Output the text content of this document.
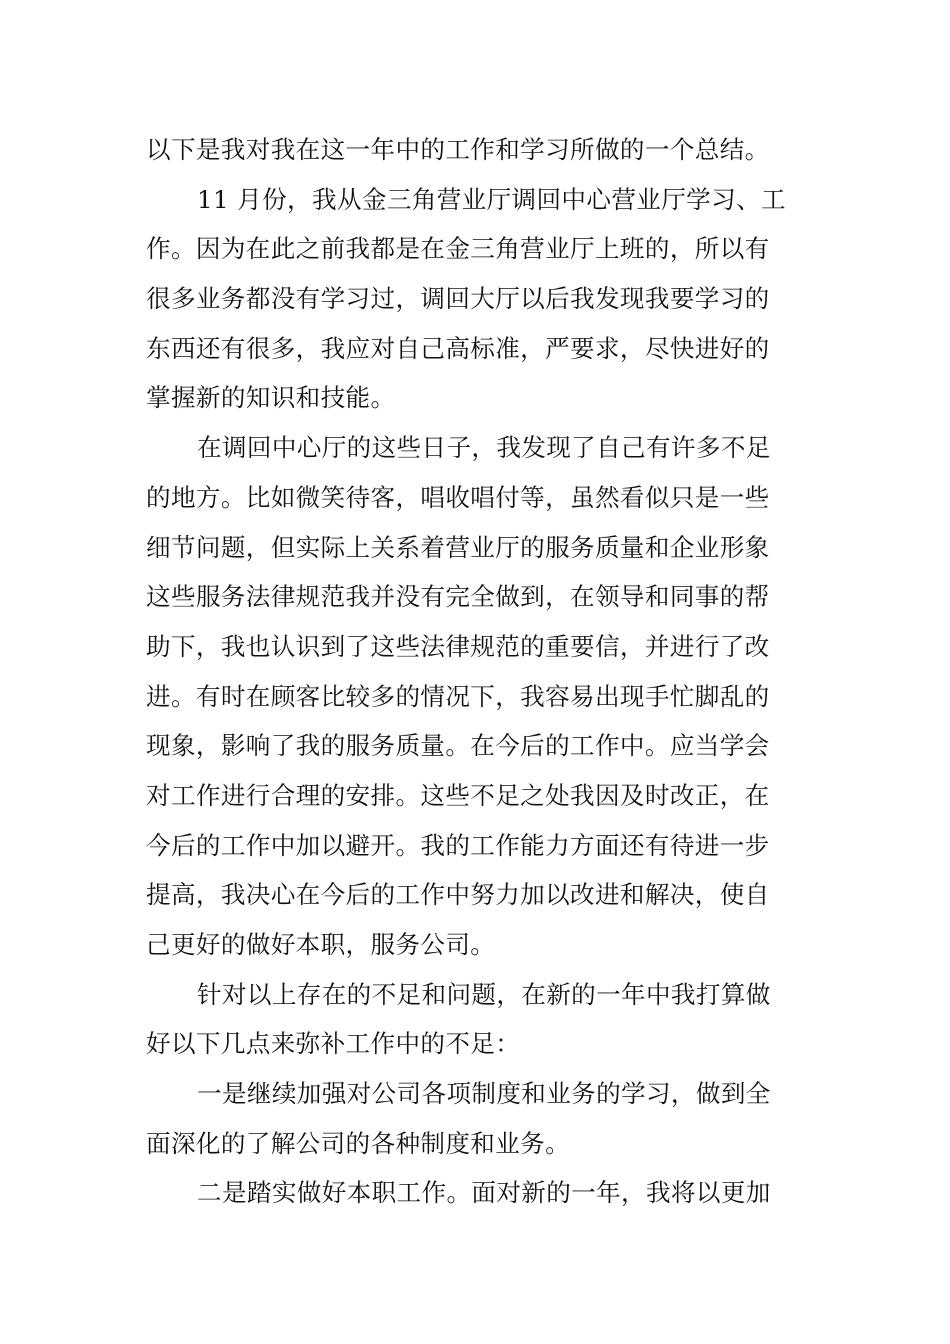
以下是我对我在这一年中的工作和学习所做的一个总结。
11 月份，我从金三角营业厅调回中心营业厅学习、工
作。因为在此之前我都是在金三角营业厅上班的，所以有
很多业务都没有学习过，调回大厅以后我发现我要学习的
东西还有很多，我应对自己高标准，严要求，尽快进好的
掌握新的知识和技能。
在调回中心厅的这些日子，我发现了自己有许多不足
的地方。比如微笑待客，唱收唱付等，虽然看似只是一些
细节问题，但实际上关系着营业厅的服务质量和企业形象
这些服务法律规范我并没有完全做到，在领导和同事的帮
助下，我也认识到了这些法律规范的重要信，并进行了改
进。有时在顾客比较多的情况下，我容易出现手忙脚乱的
现象，影响了我的服务质量。在今后的工作中。应当学会
对工作进行合理的安排。这些不足之处我因及时改正，在
今后的工作中加以避开。我的工作能力方面还有待进一步
提高，我决心在今后的工作中努力加以改进和解决，使自
己更好的做好本职，服务公司。
针对以上存在的不足和问题，在新的一年中我打算做
好以下几点来弥补工作中的不足：
一是继续加强对公司各项制度和业务的学习，做到全
面深化的了解公司的各种制度和业务。
二是踏实做好本职工作。面对新的一年，我将以更加
